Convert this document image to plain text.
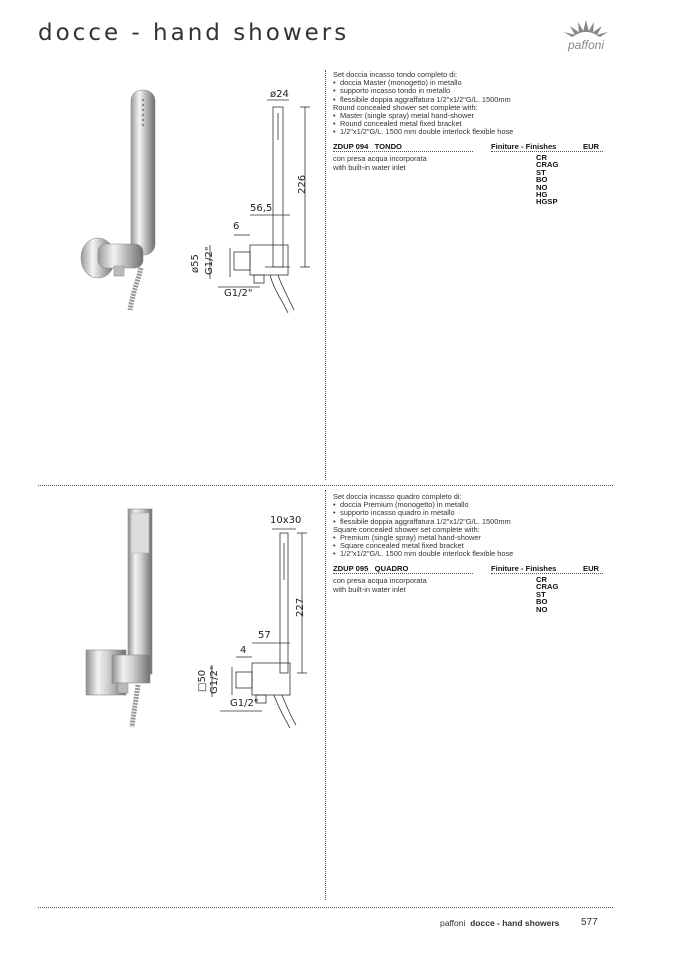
docce - hand showers	paffoni
ø24
226
56,5
6
ø55 G1/2"
G1/2"
Set doccia incasso tondo completo di:
• doccia Master (monogetto) in metallo
• supporto incasso tondo in metallo
• flessibile doppia aggraffatura 1/2"x1/2"G/L. 1500mm
Round concealed shower set complete with:
• Master (single spray) metal hand-shower
• Round concealed metal fixed bracket
• 1/2"x1/2"G/L. 1500 mm double interlock flexible hose
ZDUP 094 TONDO	Finiture - Finishes	EUR
con presa acqua incorporata
with built-in water inlet
CR
CRAG
ST
BO
NO
HG
HGSP
10x30
227
57
4
□50 G1/2"
G1/2"
Set doccia incasso quadro completo di:
• doccia Premium (monogetto) in metallo
• supporto incasso quadro in metallo
• flessibile doppia aggraffatura 1/2"x1/2"G/L. 1500mm
Square concealed shower set complete with:
• Premium (single spray) metal hand-shower
• Square concealed metal fixed bracket
• 1/2"x1/2"G/L. 1500 mm double interlock flexible hose
ZDUP 095 QUADRO	Finiture - Finishes	EUR
con presa acqua incorporata
with built-in water inlet
CR
CRAG
ST
BO
NO
paffoni docce - hand showers 577
